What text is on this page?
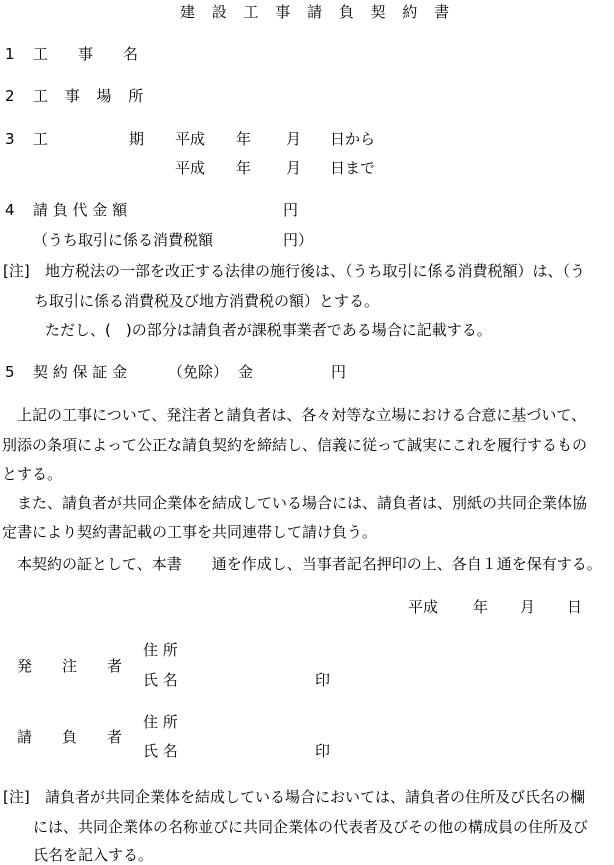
建 設 工 事 請 負 契 約 書
1 工　　事　　名
2 工 事 場 所
3 工	期 平成 年 月 日から
平成 年 月 日まで
4 請 負 代 金 額	円
（うち取引に係る消費税額	円）
[注] 地方税法の一部を改正する法律の施行後は、（うち取引に係る消費税額）は、（う
ち取引に係る消費税及び地方消費税の額）とする。
ただし、(　)の部分は請負者が課税事業者である場合に記載する。
5 契 約 保 証 金	（免除） 金	円
上記の工事について、発注者と請負者は、各々対等な立場における合意に基づいて、
別添の条項によって公正な請負契約を締結し、信義に従って誠実にこれを履行するもの
とする。
また、請負者が共同企業体を結成している場合には、請負者は、別紙の共同企業体協
定書により契約書記載の工事を共同連帯して請け負う。
本契約の証として、本書　　通を作成し、当事者記名押印の上、各自１通を保有する。
平成 年 月 日
発　　注　　者
住 所
氏 名	印
請　　負　　者
住 所
氏 名	印
[注] 請負者が共同企業体を結成している場合においては、請負者の住所及び氏名の欄
には、共同企業体の名称並びに共同企業体の代表者及びその他の構成員の住所及び
氏名を記入する。
